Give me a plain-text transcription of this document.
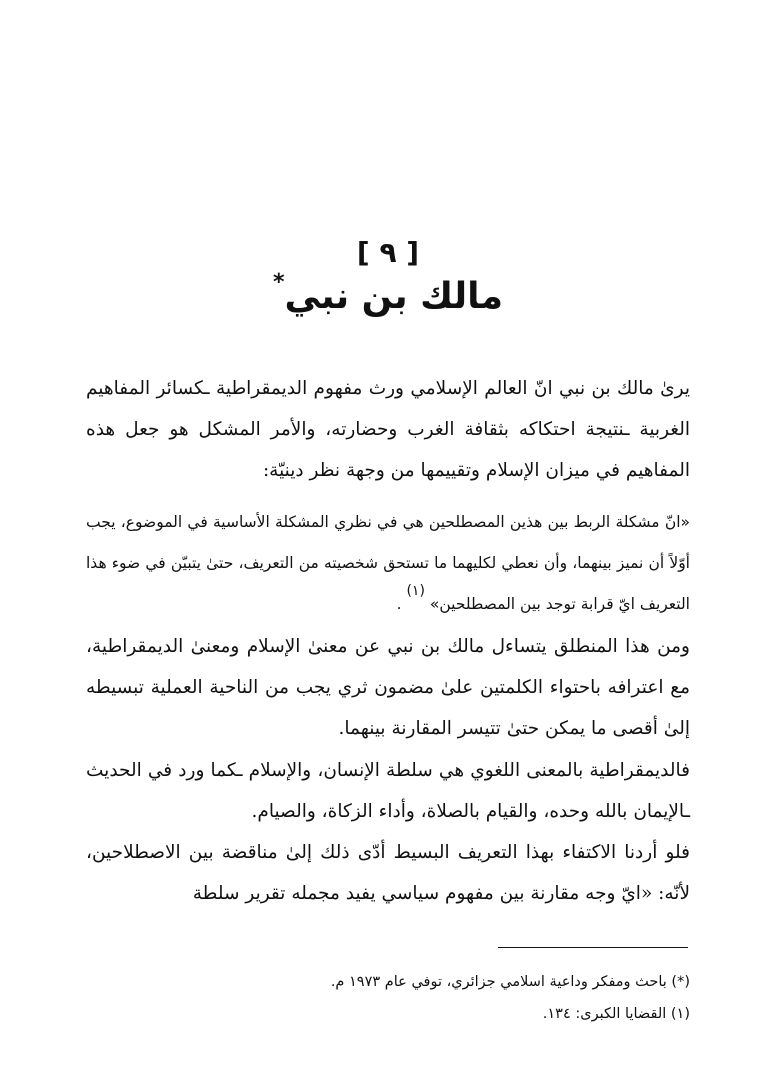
[ ٩ ]
مالك بن نبي*
يرىٰ مالك بن نبي انّ العالم الإسلامي ورث مفهوم الديمقراطية ـكسائر المفاهيم الغربية ـنتيجة احتكاكه بثقافة الغرب وحضارته، والأمر المشكل هو جعل هذه المفاهيم في ميزان الإسلام وتقييمها من وجهة نظر دينيّة:
«انّ مشكلة الربط بين هذين المصطلحين هي في نظري المشكلة الأساسية في الموضوع، يجب أوّلاً أن نميز بينهما، وأن نعطي لكليهما ما تستحق شخصيته من التعريف، حتىٰ يتبيّن في ضوء هذا التعريف ايّ قرابة توجد بين المصطلحين» (١) .
ومن هذا المنطلق يتساءل مالك بن نبي عن معنىٰ الإسلام ومعنىٰ الديمقراطية، مع اعترافه باحتواء الكلمتين علىٰ مضمون ثري يجب من الناحية العملية تبسيطه إلىٰ أقصى ما يمكن حتىٰ تتيسر المقارنة بينهما.
فالديمقراطية بالمعنى اللغوي هي سلطة الإنسان، والإسلام ـكما ورد في الحديث ـالإيمان بالله وحده، والقيام بالصلاة، وأداء الزكاة، والصيام.
فلو أردنا الاكتفاء بهذا التعريف البسيط أدّى ذلك إلىٰ مناقضة بين الاصطلاحين، لأنّه: «ايّ وجه مقارنة بين مفهوم سياسي يفيد مجمله تقرير سلطة
(*) باحث ومفكر وداعية اسلامي جزائري، توفي عام ١٩٧٣ م.
(١) القضايا الكبرى: ١٣٤.
